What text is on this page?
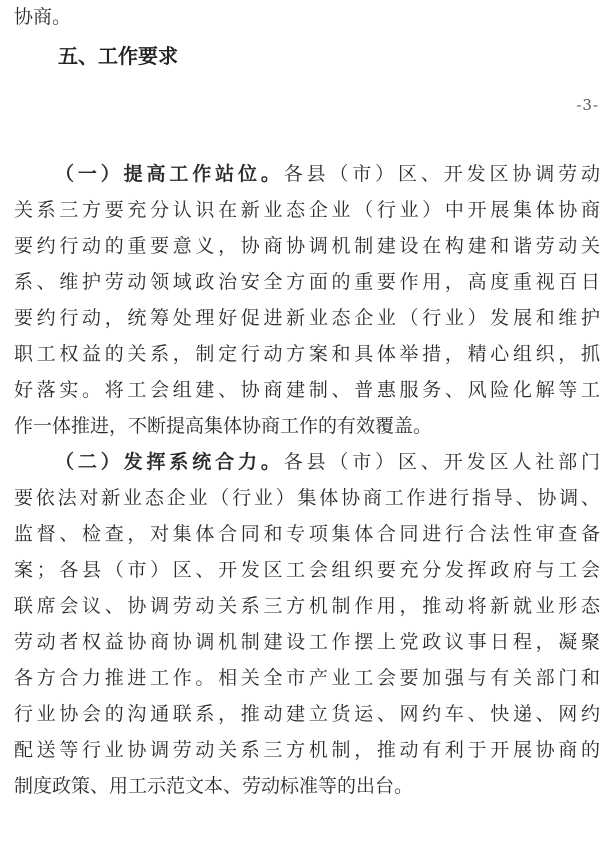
协商。
五、工作要求
-3-
（一）提高工作站位。各县（市）区、开发区协调劳动
关系三方要充分认识在新业态企业（行业）中开展集体协商
要约行动的重要意义，协商协调机制建设在构建和谐劳动关
系、维护劳动领域政治安全方面的重要作用，高度重视百日
要约行动，统筹处理好促进新业态企业（行业）发展和维护
职工权益的关系，制定行动方案和具体举措，精心组织，抓
好落实。将工会组建、协商建制、普惠服务、风险化解等工
作一体推进，不断提高集体协商工作的有效覆盖。
（二）发挥系统合力。各县（市）区、开发区人社部门
要依法对新业态企业（行业）集体协商工作进行指导、协调、
监督、检查，对集体合同和专项集体合同进行合法性审查备
案；各县（市）区、开发区工会组织要充分发挥政府与工会
联席会议、协调劳动关系三方机制作用，推动将新就业形态
劳动者权益协商协调机制建设工作摆上党政议事日程，凝聚
各方合力推进工作。相关全市产业工会要加强与有关部门和
行业协会的沟通联系，推动建立货运、网约车、快递、网约
配送等行业协调劳动关系三方机制，推动有利于开展协商的
制度政策、用工示范文本、劳动标准等的出台。
